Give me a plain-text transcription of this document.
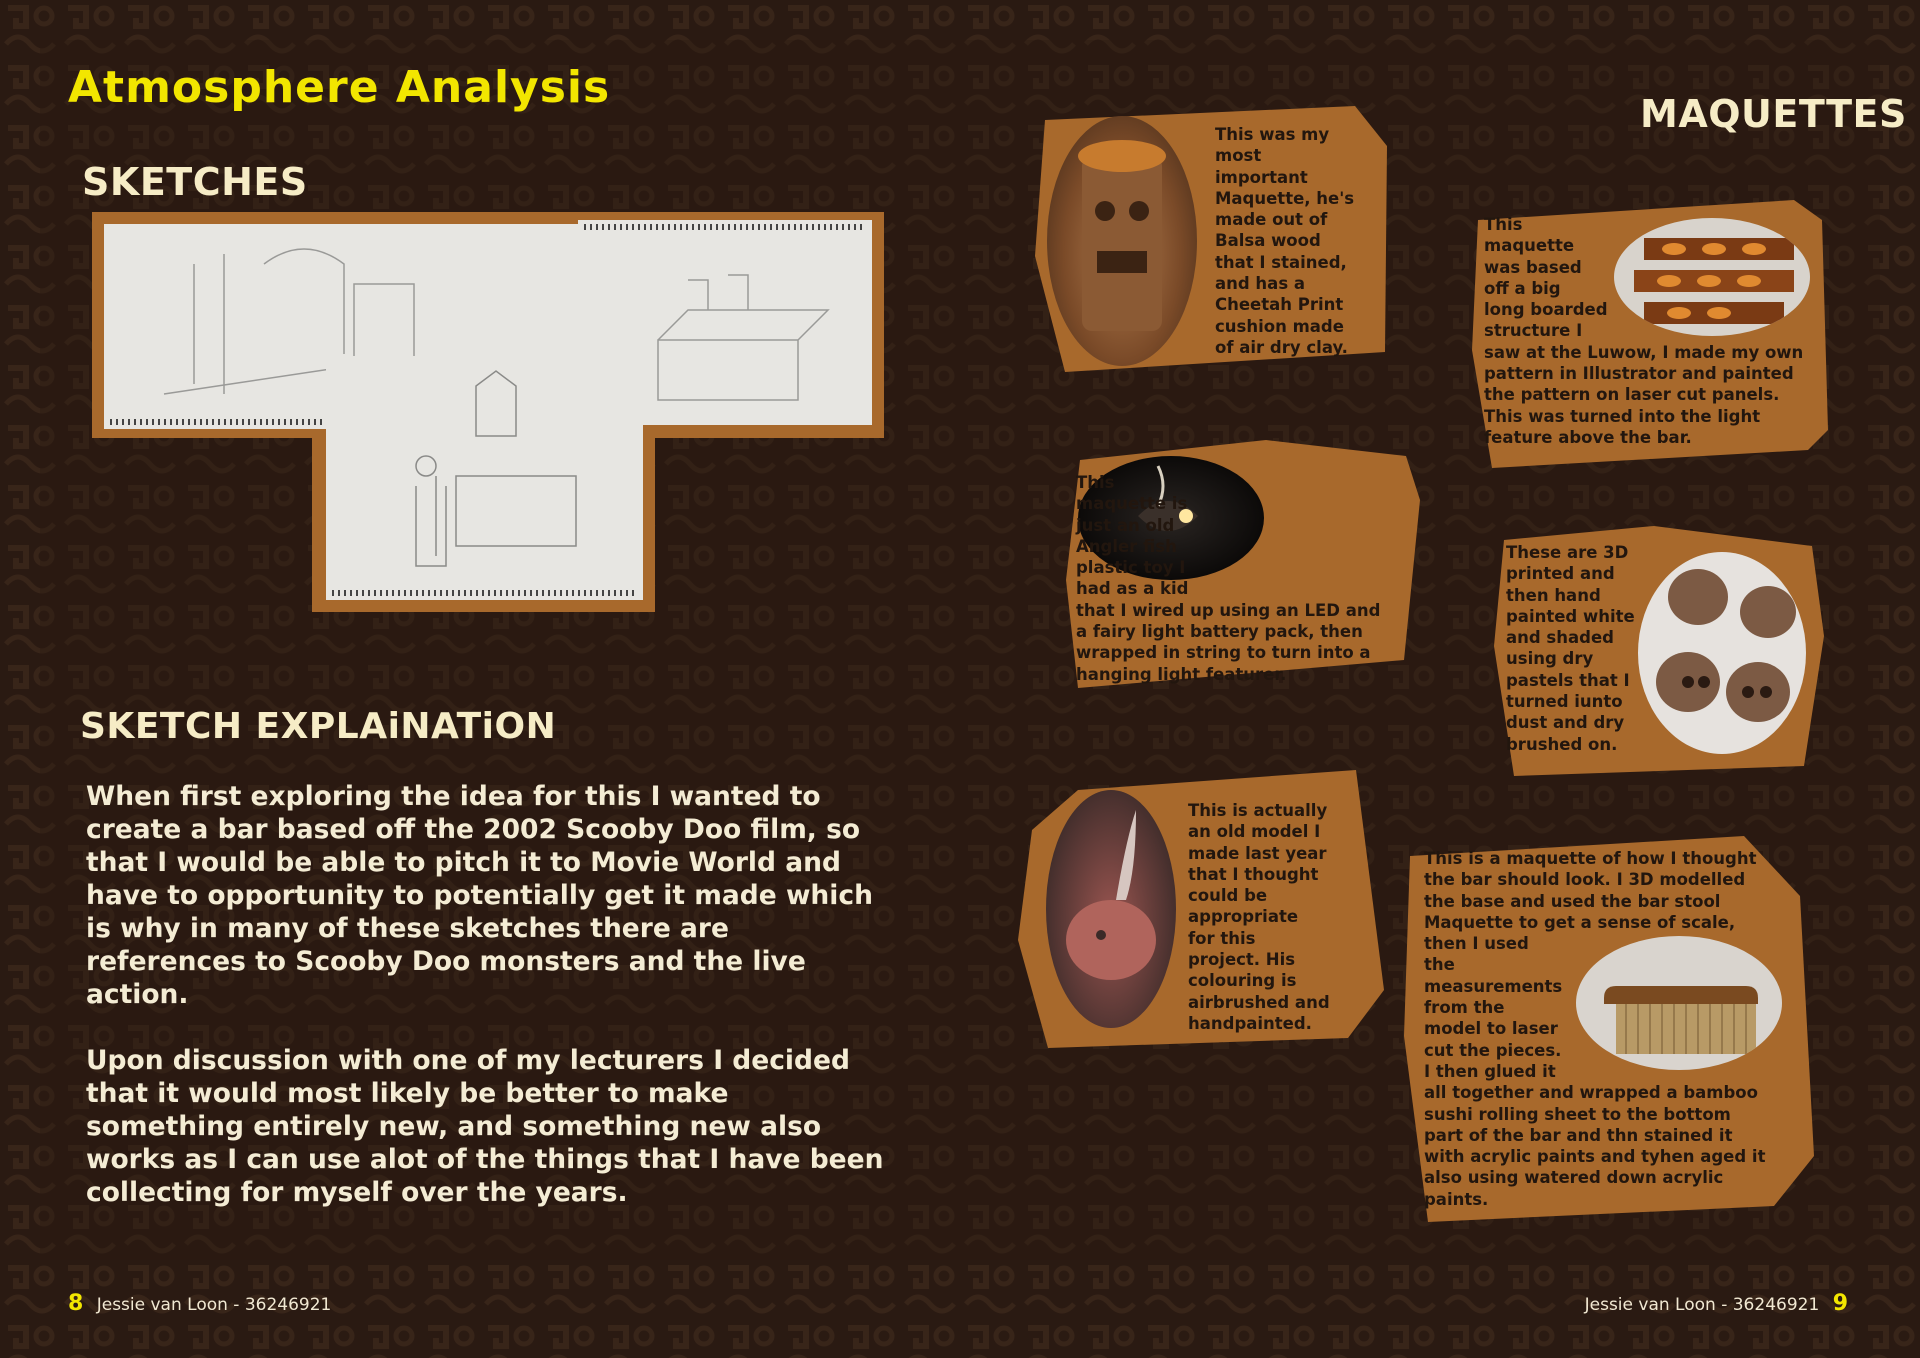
Atmosphere Analysis
SKETCHES
SKETCH EXPLAiNATiON
MAQUETTES

When first exploring the idea for this I wanted to create a bar based off the 2002 Scooby Doo film, so that I would be able to pitch it to Movie World and have to opportunity to potentially get it made which is why in many of these sketches there are references to Scooby Doo monsters and the live action.

Upon discussion with one of my lecturers I decided that it would most likely be better to make something entirely new, and something new also works as I can use alot of the things that I have been collecting for myself over the years.

This was my
most
important
Maquette, he's
made out of
Balsa wood
that I stained,
and has a
Cheetah Print
cushion made
of air dry clay.

This
maquette
was based
off a big
long boarded
structure I
saw at the Luwow, I made my own
pattern in Illustrator and painted
the pattern on laser cut panels.
This was turned into the light
feature above the bar.

This
maquette is
just an old
Angler fish
plastic toy I
had as a kid
that I wired up using an LED and
a fairy light battery pack, then
wrapped in string to turn into a
hanging light featurer.

These are 3D
printed and
then hand
painted white
and shaded
using dry
pastels that I
turned iunto
dust and dry
brushed on.

This is actually
an old model I
made last year
that I thought
could be
appropriate
for this
project. His
colouring is
airbrushed and
handpainted.

This is a maquette of how I thought
the bar should look. I 3D modelled
the base and used the bar stool
Maquette to get a sense of scale,
then I used
the
measurements
from the
model to laser
cut the pieces.
I then glued it
all together and wrapped a bamboo
sushi rolling sheet to the bottom
part of the bar and thn stained it
with acrylic paints and tyhen aged it
also using watered down acrylic
paints.

8 Jessie van Loon - 36246921	Jessie van Loon - 36246921 9
